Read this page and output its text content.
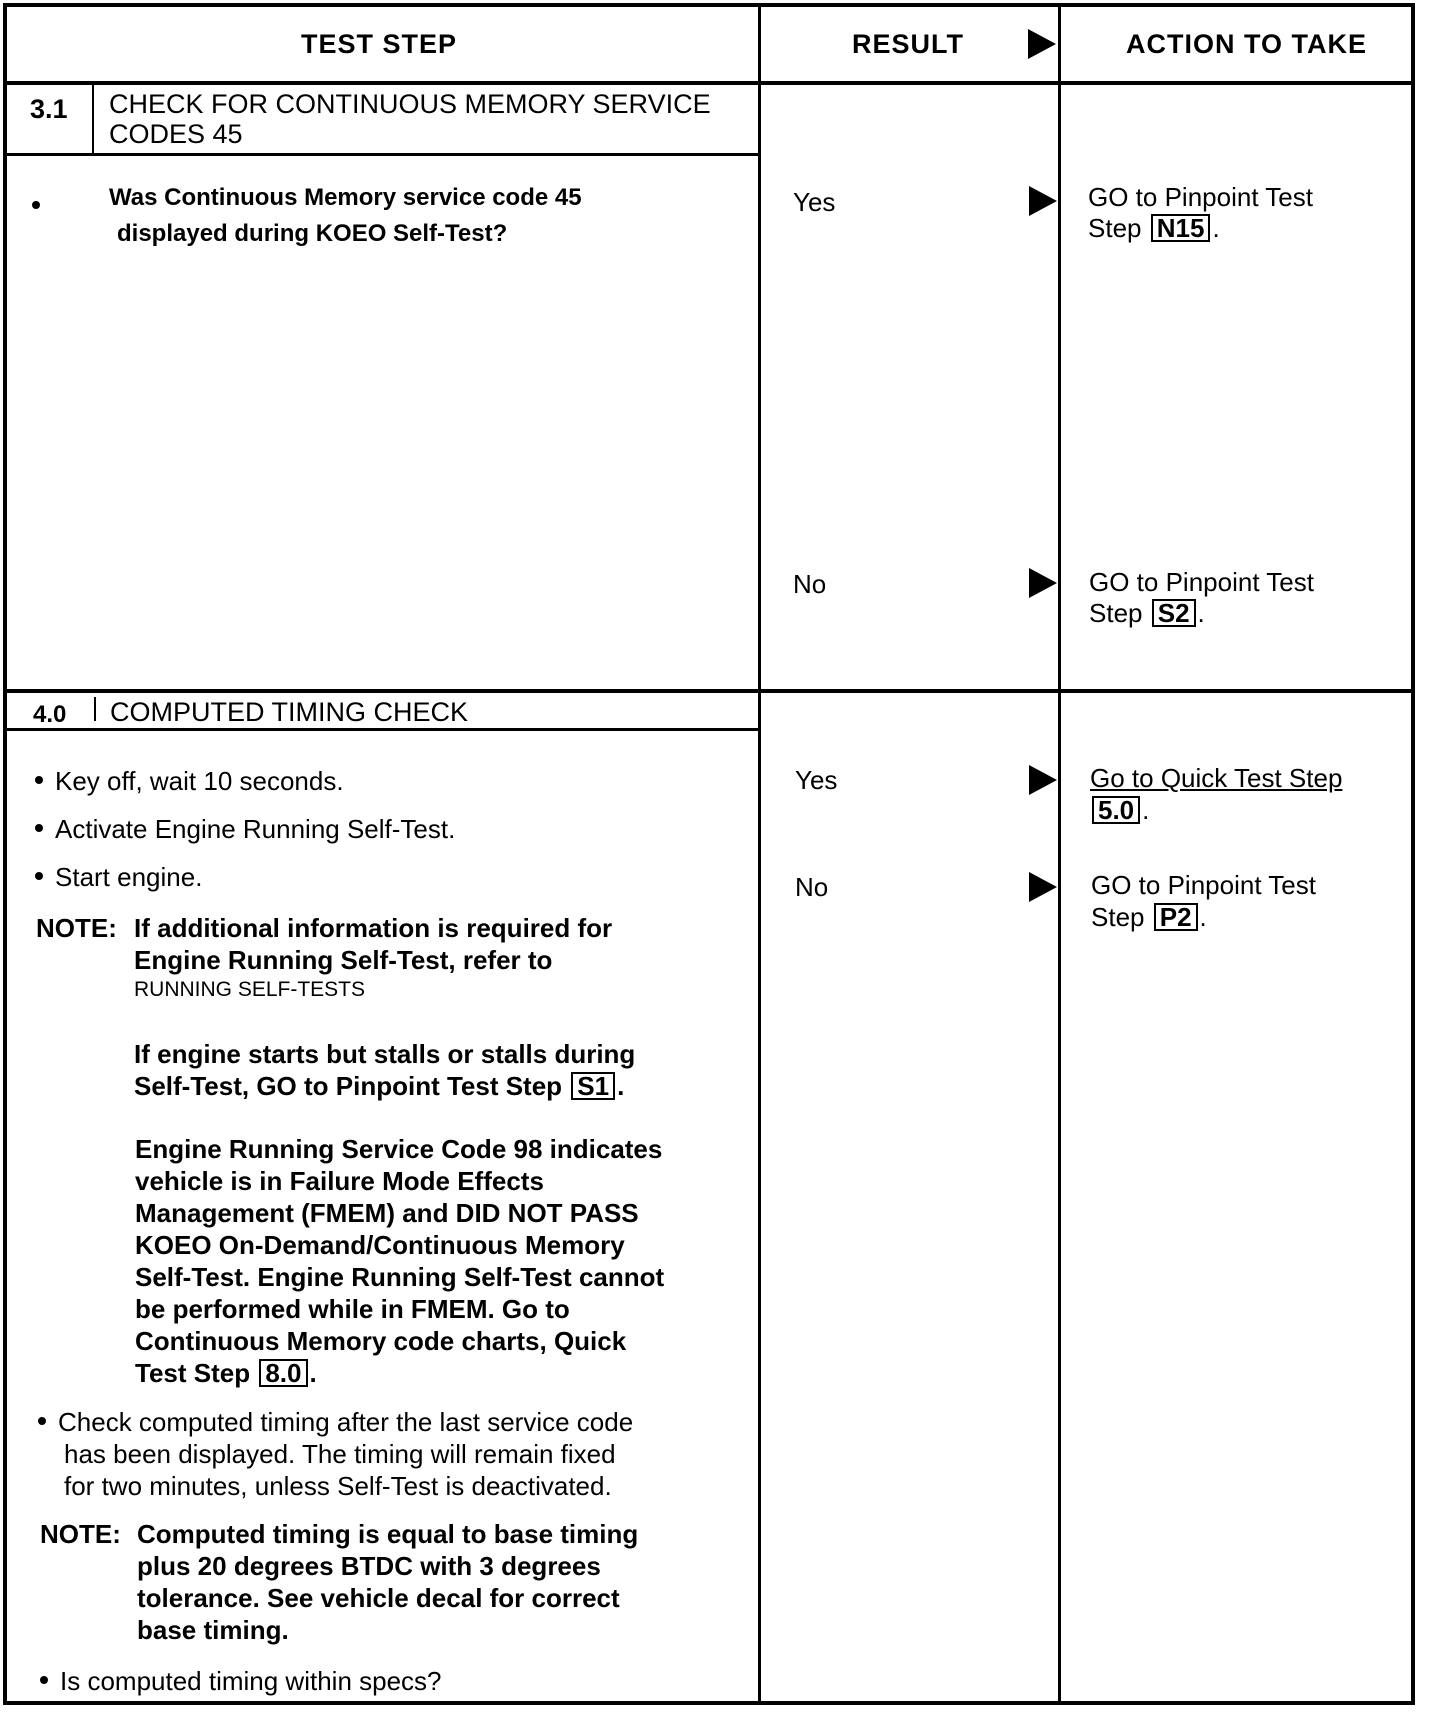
TEST STEP	RESULT	ACTION TO TAKE
3.1 CHECK FOR CONTINUOUS MEMORY SERVICE
CODES 45
Was Continuous Memory service code 45
displayed during KOEO Self-Test?
Yes	GO to Pinpoint Test
Step N15 .
No	GO to Pinpoint Test
Step S2 .
4.0 COMPUTED TIMING CHECK
Key off, wait 10 seconds.
Activate Engine Running Self-Test.
Start engine.
NOTE: If additional information is required for
Engine Running Self-Test, refer to
RUNNING SELF-TESTS
If engine starts but stalls or stalls during
Self-Test, GO to Pinpoint Test Step S1 .
Engine Running Service Code 98 indicates
vehicle is in Failure Mode Effects
Management (FMEM) and DID NOT PASS
KOEO On-Demand/Continuous Memory
Self-Test. Engine Running Self-Test cannot
be performed while in FMEM. Go to
Continuous Memory code charts, Quick
Test Step 8.0 .
Check computed timing after the last service code
has been displayed. The timing will remain fixed
for two minutes, unless Self-Test is deactivated.
NOTE: Computed timing is equal to base timing
plus 20 degrees BTDC with 3 degrees
tolerance. See vehicle decal for correct
base timing.
Is computed timing within specs?
Yes	Go to Quick Test Step
5.0 .
No	GO to Pinpoint Test
Step P2 .
